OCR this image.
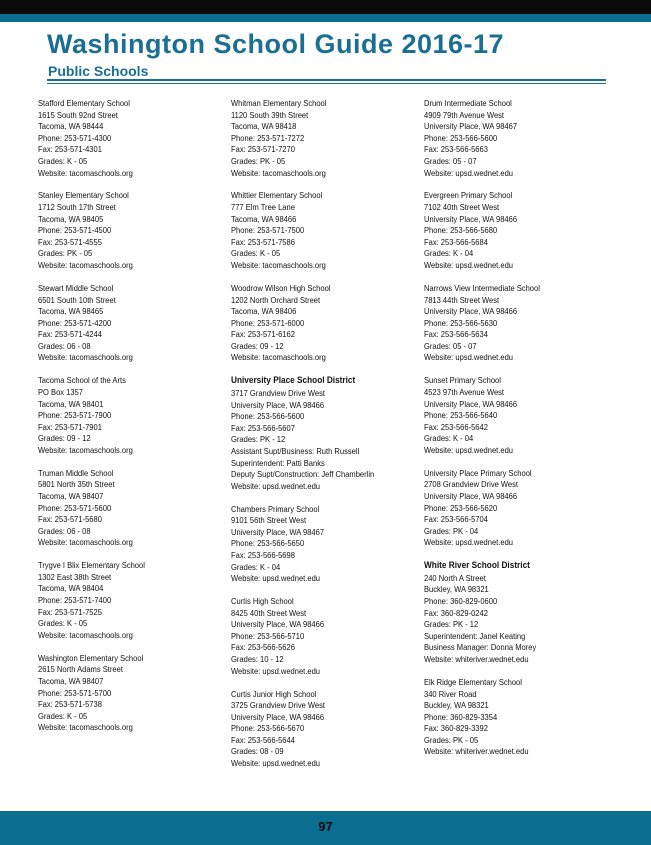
Washington School Guide 2016-17
Public Schools
Stafford Elementary School
1615 South 92nd Street
Tacoma, WA 98444
Phone: 253-571-4300
Fax: 253-571-4301
Grades: K - 05
Website: tacomaschools.org
Stanley Elementary School
1712 South 17th Street
Tacoma, WA 98405
Phone: 253-571-4500
Fax: 253-571-4555
Grades: PK - 05
Website: tacomaschools.org
Stewart Middle School
6501 South 10th Street
Tacoma, WA 98465
Phone: 253-571-4200
Fax: 253-571-4244
Grades: 06 - 08
Website: tacomaschools.org
Tacoma School of the Arts
PO Box 1357
Tacoma, WA 98401
Phone: 253-571-7900
Fax: 253-571-7901
Grades: 09 - 12
Website: tacomaschools.org
Truman Middle School
5801 North 35th Street
Tacoma, WA 98407
Phone: 253-571-5600
Fax: 253-571-5680
Grades: 06 - 08
Website: tacomaschools.org
Trygve I Blix Elementary School
1302 East 38th Street
Tacoma, WA 98404
Phone: 253-571-7400
Fax: 253-571-7525
Grades: K - 05
Website: tacomaschools.org
Washington Elementary School
2615 North Adams Street
Tacoma, WA 98407
Phone: 253-571-5700
Fax: 253-571-5738
Grades: K - 05
Website: tacomaschools.org
Whitman Elementary School
1120 South 39th Street
Tacoma, WA 98418
Phone: 253-571-7272
Fax: 253-571-7270
Grades: PK - 05
Website: tacomaschools.org
Whittier Elementary School
777 Elm Tree Lane
Tacoma, WA 98466
Phone: 253-571-7500
Fax: 253-571-7586
Grades: K - 05
Website: tacomaschools.org
Woodrow Wilson High School
1202 North Orchard Street
Tacoma, WA 98406
Phone: 253-571-6000
Fax: 253-571-6162
Grades: 09 - 12
Website: tacomaschools.org
University Place School District
3717 Grandview Drive West
University Place, WA 98466
Phone: 253-566-5600
Fax: 253-566-5607
Grades: PK - 12
Assistant Supt/Business: Ruth Russell
Superintendent: Patti Banks
Deputy Supt/Construction: Jeff Chamberlin
Website: upsd.wednet.edu
Chambers Primary School
9101 56th Street West
University Place, WA 98467
Phone: 253-566-5650
Fax: 253-566-5698
Grades: K - 04
Website: upsd.wednet.edu
Curtis High School
8425 40th Street West
University Place, WA 98466
Phone: 253-566-5710
Fax: 253-566-5626
Grades: 10 - 12
Website: upsd.wednet.edu
Curtis Junior High School
3725 Grandview Drive West
University Place, WA 98466
Phone: 253-566-5670
Fax: 253-566-5644
Grades: 08 - 09
Website: upsd.wednet.edu
Drum Intermediate School
4909 79th Avenue West
University Place, WA 98467
Phone: 253-566-5600
Fax: 253-566-5663
Grades: 05 - 07
Website: upsd.wednet.edu
Evergreen Primary School
7102 40th Street West
University Place, WA 98466
Phone: 253-566-5680
Fax: 253-566-5684
Grades: K - 04
Website: upsd.wednet.edu
Narrows View Intermediate School
7813 44th Street West
University Place, WA 98466
Phone: 253-566-5630
Fax: 253-566-5634
Grades: 05 - 07
Website: upsd.wednet.edu
Sunset Primary School
4523 97th Avenue West
University Place, WA 98466
Phone: 253-566-5640
Fax: 253-566-5642
Grades: K - 04
Website: upsd.wednet.edu
University Place Primary School
2708 Grandview Drive West
University Place, WA 98466
Phone: 253-566-5620
Fax: 253-566-5704
Grades: PK - 04
Website: upsd.wednet.edu
White River School District
240 North A Street
Buckley, WA 98321
Phone: 360-829-0600
Fax: 360-829-0242
Grades: PK - 12
Superintendent: Janel Keating
Business Manager: Donna Morey
Website: whiteriver.wednet.edu
Elk Ridge Elementary School
340 River Road
Buckley, WA 98321
Phone: 360-829-3354
Fax: 360-829-3392
Grades: PK - 05
Website: whiteriver.wednet.edu
97
